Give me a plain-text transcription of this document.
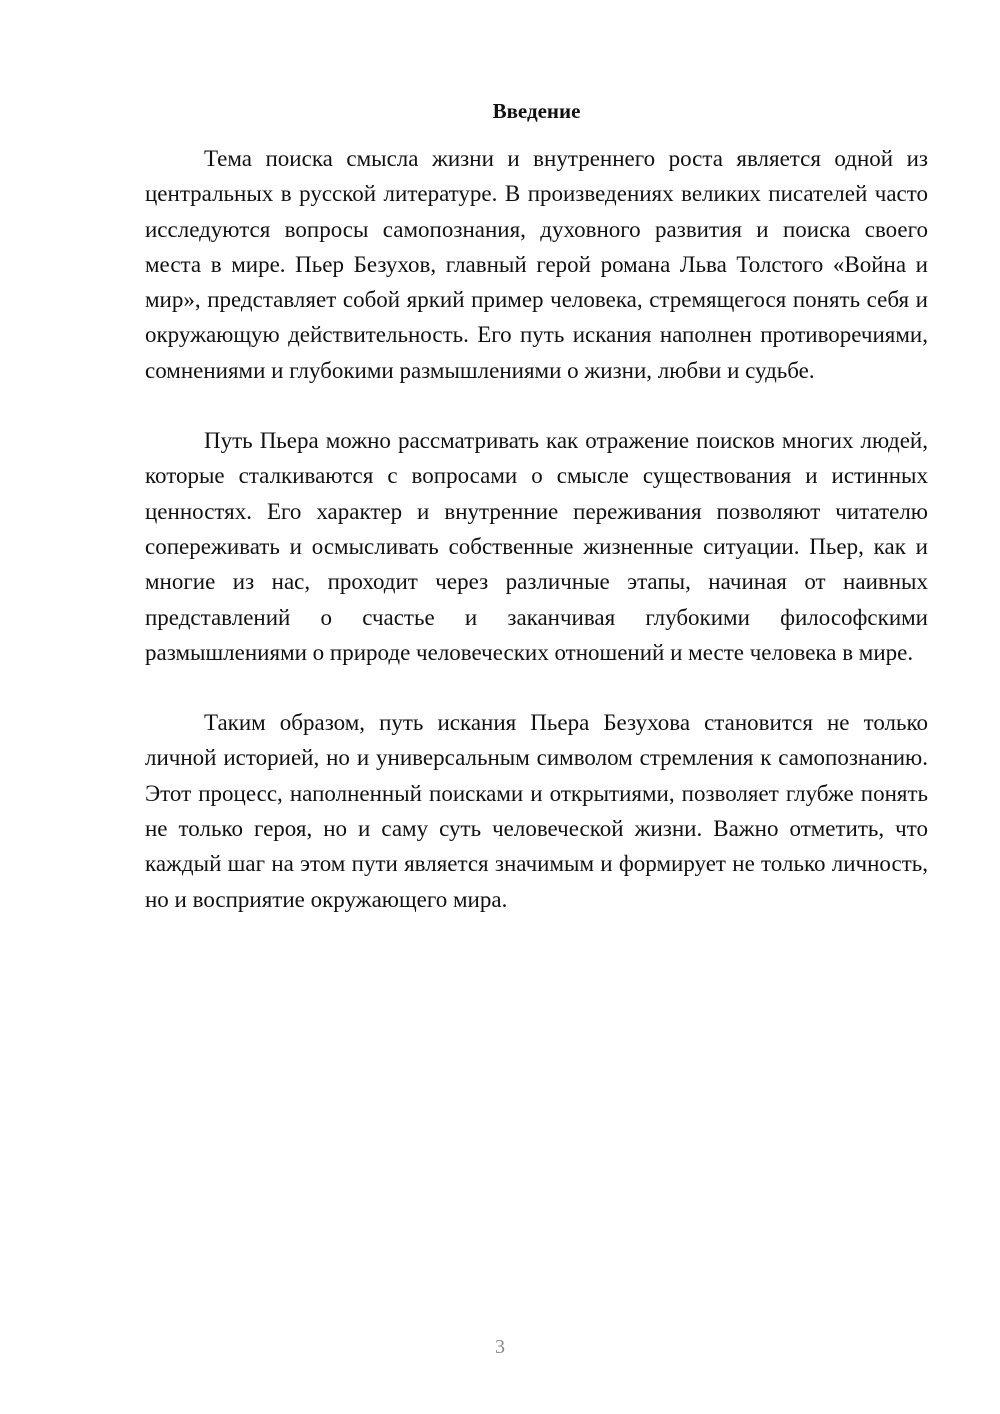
Введение

Тема поиска смысла жизни и внутреннего роста является одной из центральных в русской литературе. В произведениях великих писателей часто исследуются вопросы самопознания, духовного развития и поиска своего места в мире. Пьер Безухов, главный герой романа Льва Толстого «Война и мир», представляет собой яркий пример человека, стремящегося понять себя и окружающую действительность. Его путь искания наполнен противоречиями, сомнениями и глубокими размышлениями о жизни, любви и судьбе.

Путь Пьера можно рассматривать как отражение поисков многих людей, которые сталкиваются с вопросами о смысле существования и истинных ценностях. Его характер и внутренние переживания позволяют читателю сопереживать и осмысливать собственные жизненные ситуации. Пьер, как и многие из нас, проходит через различные этапы, начиная от наивных представлений о счастье и заканчивая глубокими философскими размышлениями о природе человеческих отношений и месте человека в мире.

Таким образом, путь искания Пьера Безухова становится не только личной историей, но и универсальным символом стремления к самопознанию. Этот процесс, наполненный поисками и открытиями, позволяет глубже понять не только героя, но и саму суть человеческой жизни. Важно отметить, что каждый шаг на этом пути является значимым и формирует не только личность, но и восприятие окружающего мира.

3
